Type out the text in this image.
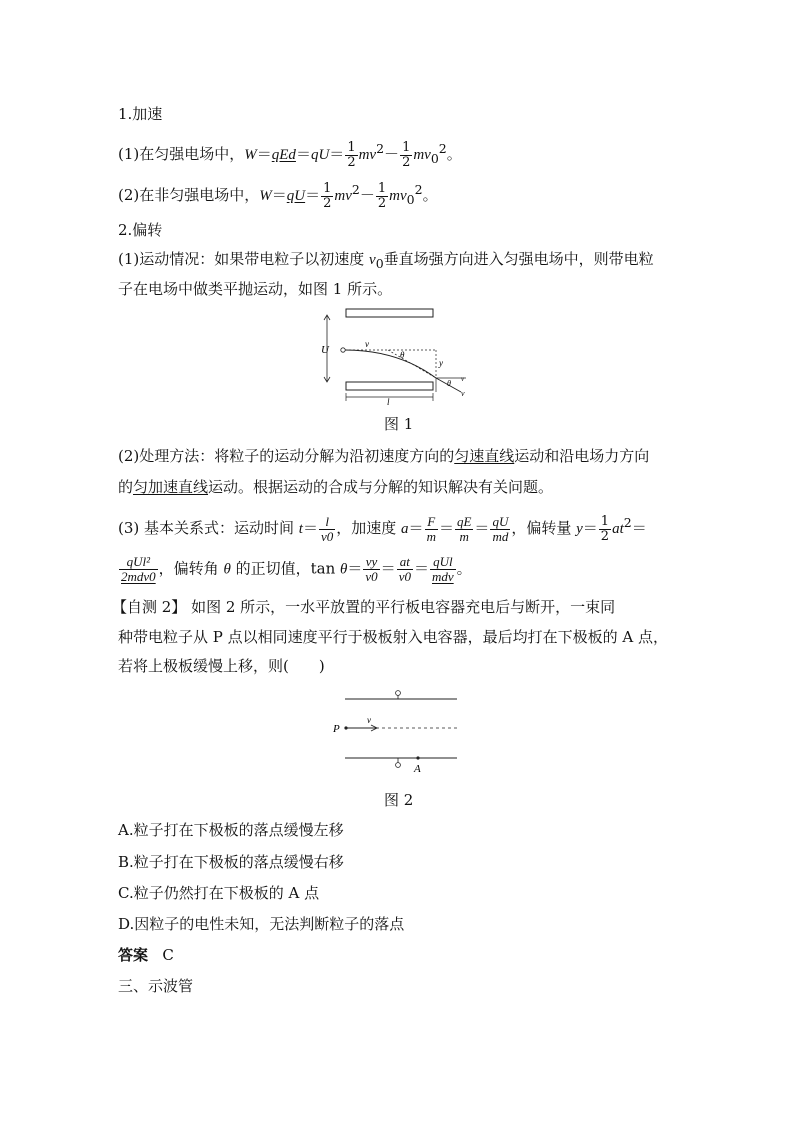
1.加速
(1)在匀强电场中，$W=qEd=qU= \frac{1}{2} mv^2- \frac{1}{2} mv_0^2$。
(2)在非匀强电场中，$W=qU= \frac{1}{2} mv^2- \frac{1}{2} mv_0^2$。
2.偏转
(1)运动情况：如果带电粒子以初速度 $v_0$垂直场强方向进入匀强电场中，则带电粒
子在电场中做类平抛运动，如图 1 所示。
U	v
θ
y
θ v
v
l
图 1
(2)处理方法：将粒子的运动分解为沿初速度方向的匀速直线运动和沿电场力方向
的匀加速直线运动。根据运动的合成与分解的知识解决有关问题。
(3) 基本关系式：运动时间 $t= \frac{l}{v0}$ ，加速度 $a= \frac{F}{m} = \frac{qE}{m} = \frac{qU}{md}$ ，偏转量 $y= \frac{1}{2} at^2=$
$\frac{\text{qUl²}}{\text{2mdv0}}$ ，偏转角 θ 的正切值，$\tan \theta= \frac{vy}{v0} = \frac{at}{v0} = \frac{\text{qUl}}{\text{mdv}}$ 。
【自测 2】 如图 2 所示，一水平放置的平行板电容器充电后与断开，一束同
种带电粒子从 P 点以相同速度平行于极板射入电容器，最后均打在下极板的 A 点，
若将上极板缓慢上移，则(　　)
P
v
A
图 2
A.粒子打在下极板的落点缓慢左移
B.粒子打在下极板的落点缓慢右移
C.粒子仍然打在下极板的 A 点
D.因粒子的电性未知，无法判断粒子的落点
答案 C
三、示波管
